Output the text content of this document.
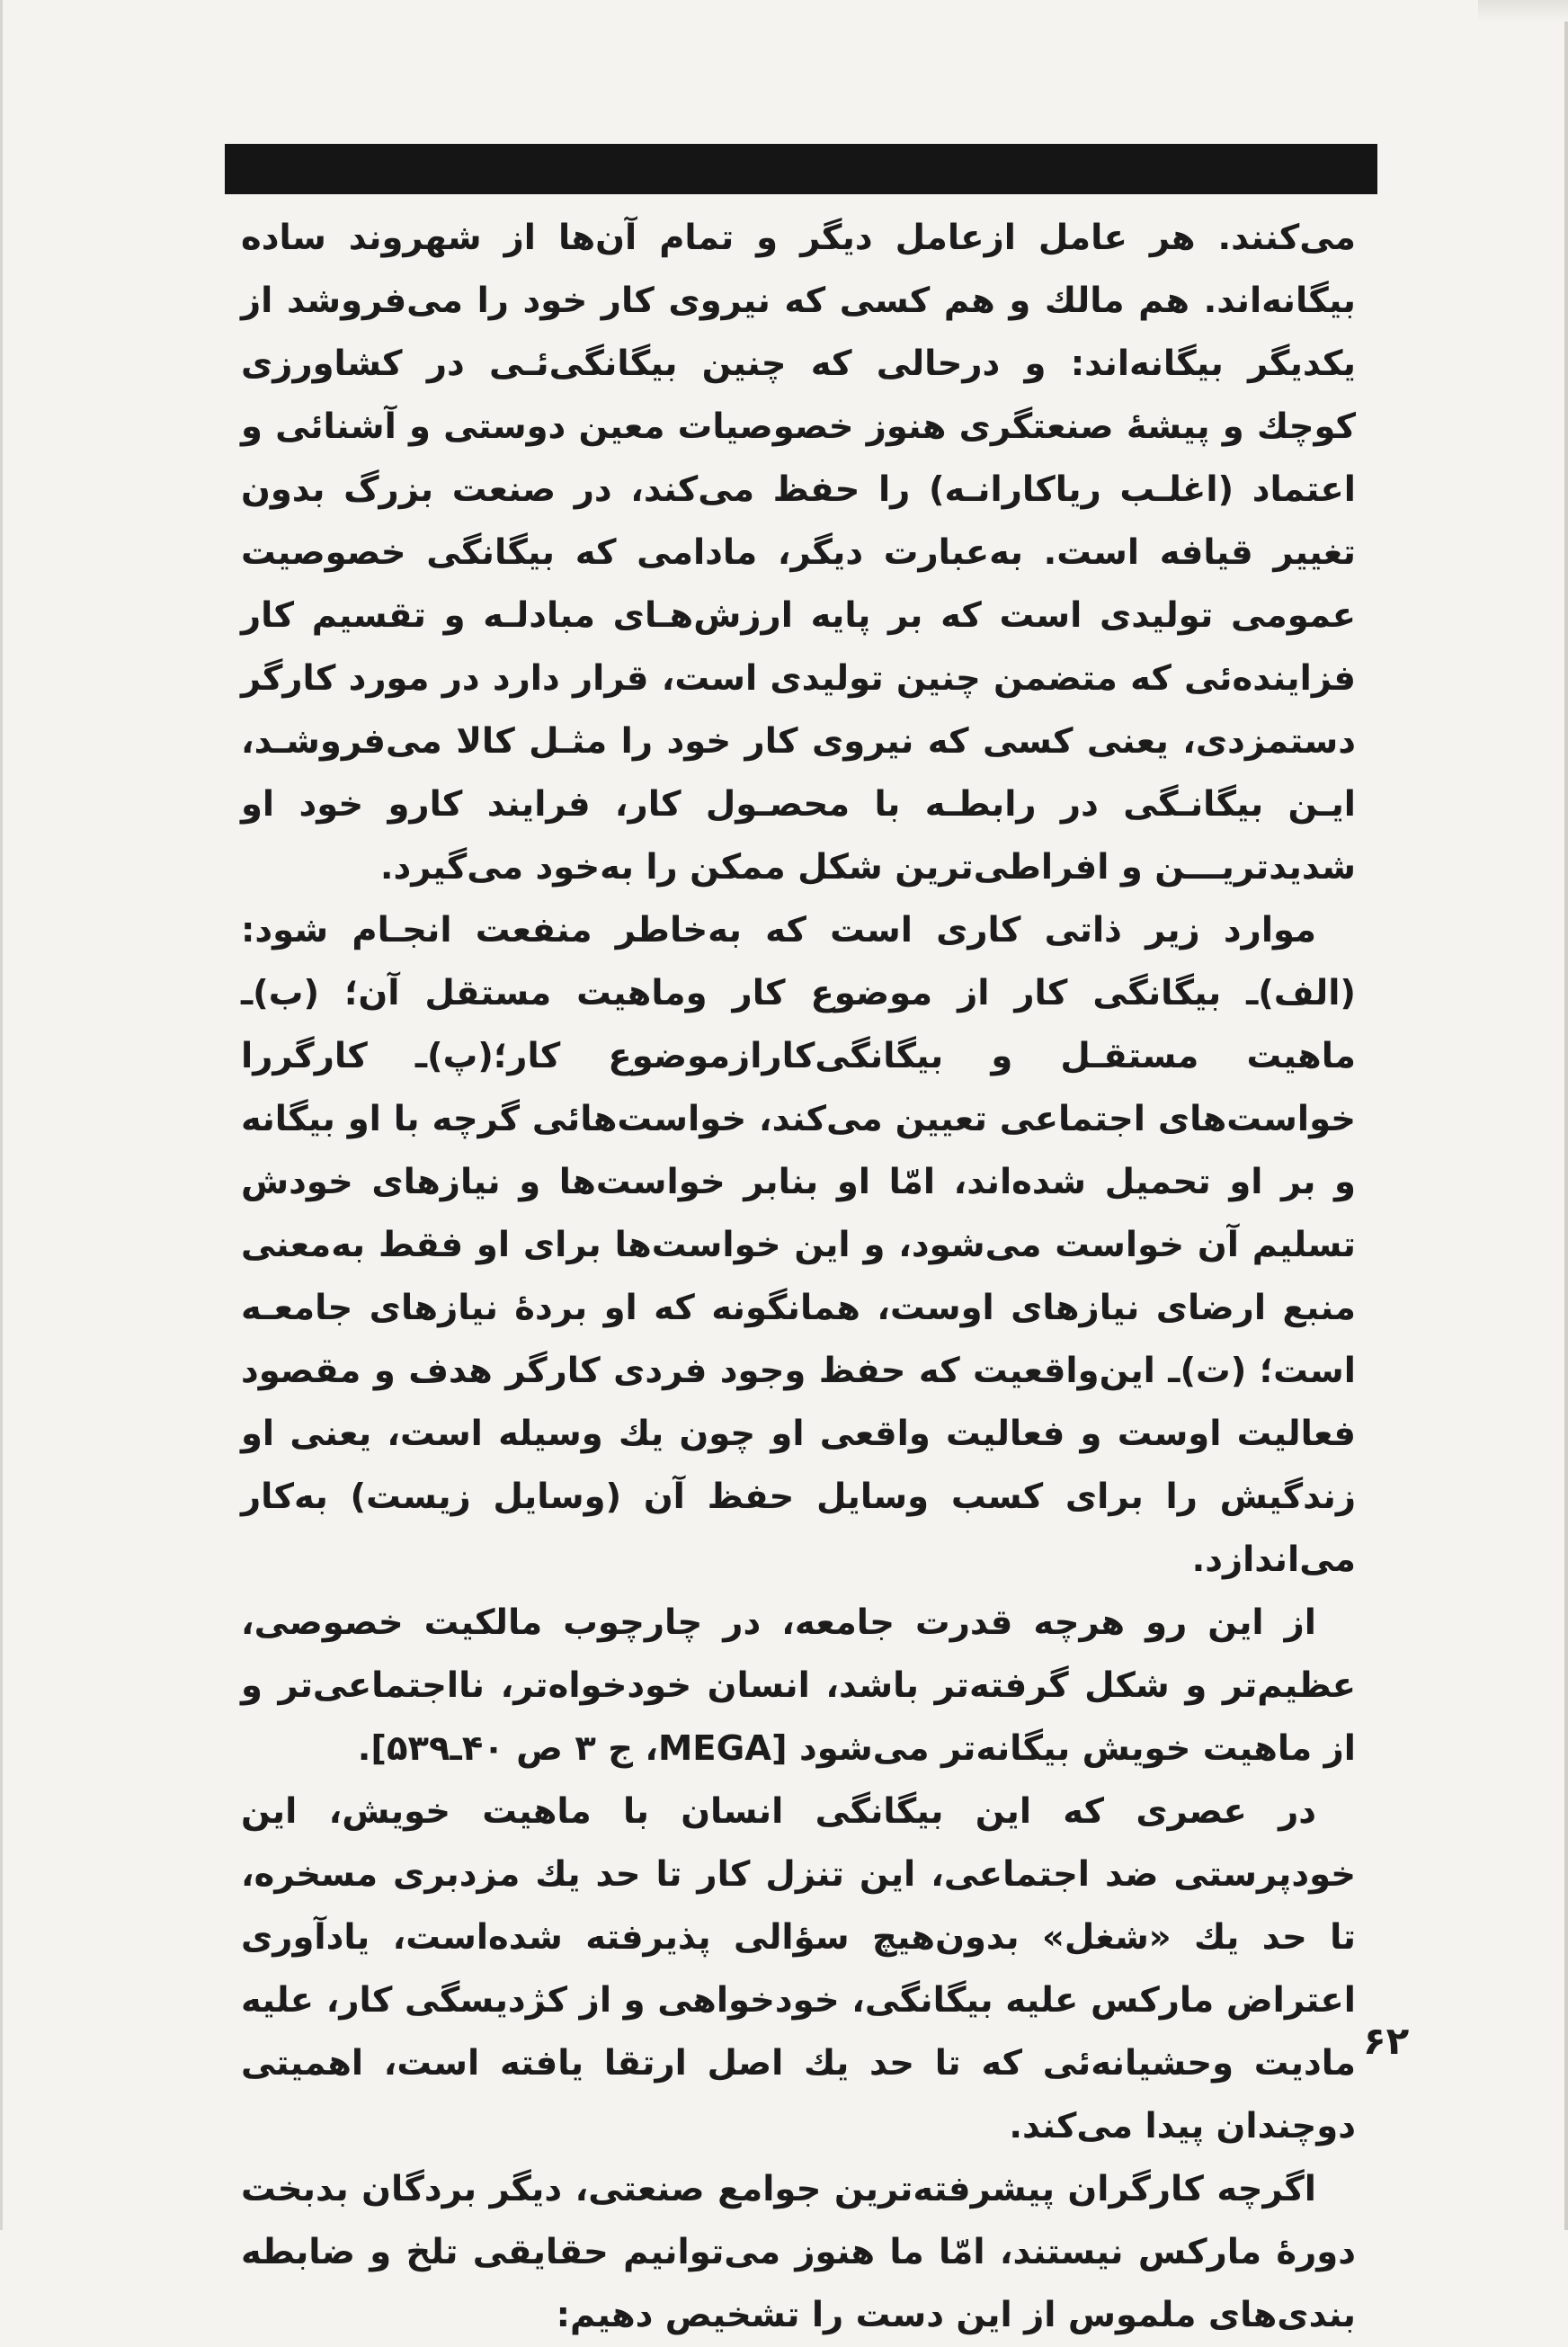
می‌کنند. هر عامل ازعامل دیگر و تمام آن‌ها از شهروند ساده بیگانه‌اند. هم مالك و هم کسی که نیروی کار خود را می‌فروشد از یکدیگر بیگانه‌اند: و درحالی که چنین بیگانگی‌ئـی در کشاورزی کوچك و پیشهٔ صنعتگری هنوز خصوصیات معین دوستی و آشنائی و اعتماد (اغلـب ریاکارانـه) را حفظ می‌کند، در صنعت بزرگ بدون تغییر قیافه است. به‌عبارت دیگر، مادامی که بیگانگی خصوصیت عمومی تولیدی است که بر پایه ارزش‌هـای مبادلـه و تقسیم کار فزاینده‌ئی که متضمن چنین تولیدی است، قرار دارد در مورد کارگر دستمزدی، یعنی کسی که نیروی کار خود را مثـل کالا می‌فروشـد، ایـن بیگانـگی در رابطـه با محصـول کار، فرایند کارو خود او شدیدتریـــن و افراطی‌ترین شکل ممکن را به‌خود می‌گیرد.

موارد زیر ذاتی کاری است که به‌خاطر منفعت انجـام شود: (الف)ـ بیگانگی کار از موضوع کار وماهیت مستقل آن؛ (ب)ـ ماهیت مستقـل و بیگانگی‌کارازموضوع کار؛(پ)ـ کارگررا خواست‌های اجتماعی تعیین می‌کند، خواست‌هائی گرچه با او بیگانه و بر او تحمیل شده‌اند، امّا او بنابر خواست‌ها و نیازهای خودش تسلیم آن خواست می‌شود، و این خواست‌ها برای او فقط به‌معنی منبع ارضای نیازهای اوست، همانگونه که او بردهٔ نیازهای جامعـه است؛ (ت)ـ این‌واقعیت که حفظ وجود فردی کارگر هدف و مقصود فعالیت اوست و فعالیت واقعی او چون یك وسیله است، یعنی او زندگیش را برای کسب وسایل حفظ آن (وسایل زیست) به‌کار می‌اندازد.

از این رو هرچه قدرت جامعه، در چارچوب مالکیت خصوصی، عظیم‌تر و شکل گرفته‌تر باشد، انسان خودخواه‌تر، نااجتماعی‌تر و از ماهیت خویش بیگانه‌تر می‌شود [MEGA، ج ۳ ص ۴۰ـ۵۳۹].

در عصری که این بیگانگی انسان با ماهیت خویش، این خودپرستی ضد اجتماعی، این تنزل کار تا حد یك مزدبری مسخره، تا حد یك «شغل» بدون‌هیچ سؤالی پذیرفته شده‌است، یادآوری اعتراض مارکس علیه بیگانگی، خودخواهی و از کژدیسگی کار، علیه مادیت وحشیانه‌ئی که تا حد یك اصل ارتقا یافته است، اهمیتی دوچندان پیدا می‌کند.

اگرچه کارگران پیشرفته‌ترین جوامع صنعتی، دیگر بردگان بدبخت دورهٔ مارکس نیستند، امّا ما هنوز می‌توانیم حقایقی تلخ و ضابطه بندی‌های ملموس از این دست را تشخیص دهیم:

۶۲
